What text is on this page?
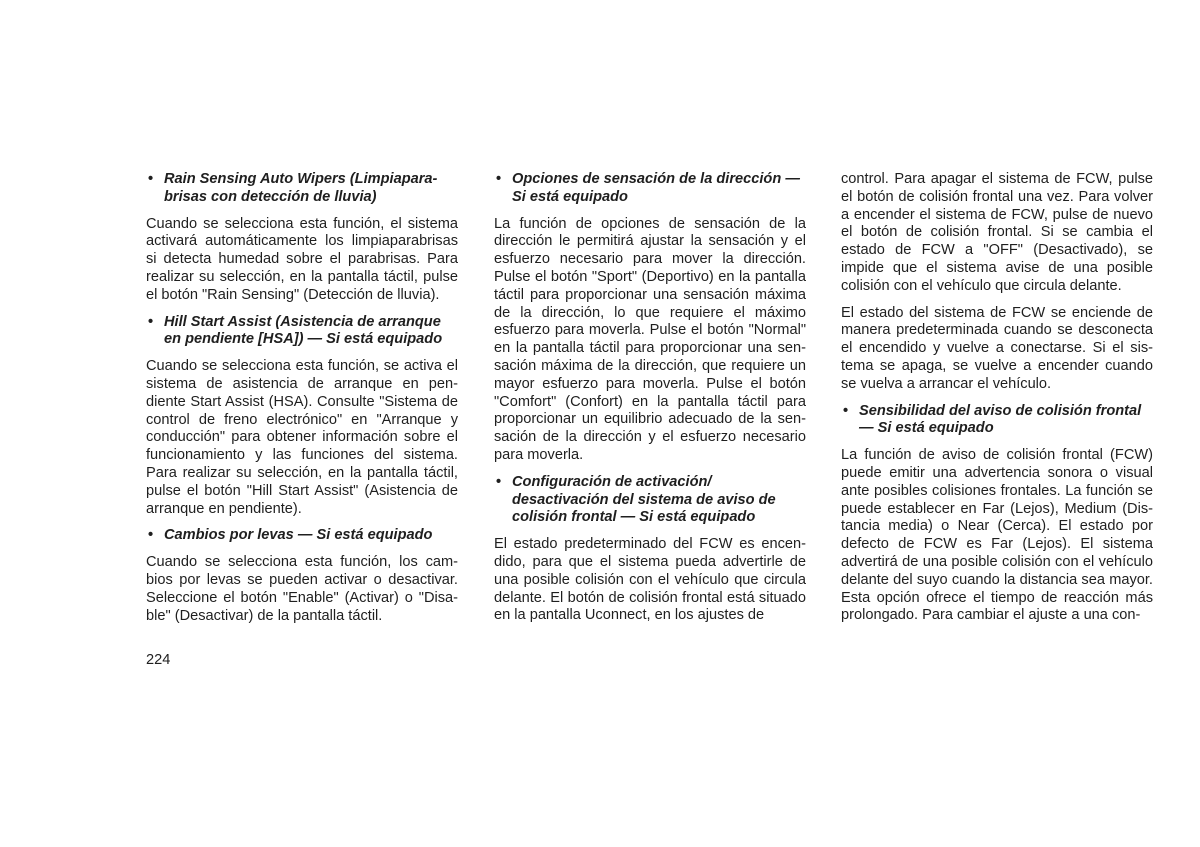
• Rain Sensing Auto Wipers (Limpiapara-brisas con detección de lluvia)

Cuando se selecciona esta función, el sistema activará automáticamente los limpiaparabrisas si detecta humedad sobre el parabrisas. Para realizar su selección, en la pantalla táctil, pulse el botón "Rain Sensing" (Detección de lluvia).

• Hill Start Assist (Asistencia de arranque en pendiente [HSA]) — Si está equipado

Cuando se selecciona esta función, se activa el sistema de asistencia de arranque en pen-diente Start Assist (HSA). Consulte "Sistema de control de freno electrónico" en "Arranque y conducción" para obtener información sobre el funcionamiento y las funciones del sistema. Para realizar su selección, en la pantalla táctil, pulse el botón "Hill Start Assist" (Asistencia de arranque en pendiente).

• Cambios por levas — Si está equipado

Cuando se selecciona esta función, los cam-bios por levas se pueden activar o desactivar. Seleccione el botón "Enable" (Activar) o "Disa-ble" (Desactivar) de la pantalla táctil.

• Opciones de sensación de la dirección — Si está equipado

La función de opciones de sensación de la dirección le permitirá ajustar la sensación y el esfuerzo necesario para mover la dirección. Pulse el botón "Sport" (Deportivo) en la pantalla táctil para proporcionar una sensación máxima de la dirección, lo que requiere el máximo esfuerzo para moverla. Pulse el botón "Normal" en la pantalla táctil para proporcionar una sen-sación máxima de la dirección, que requiere un mayor esfuerzo para moverla. Pulse el botón "Comfort" (Confort) en la pantalla táctil para proporcionar un equilibrio adecuado de la sen-sación de la dirección y el esfuerzo necesario para moverla.

• Configuración de activación/ desactivación del sistema de aviso de colisión frontal — Si está equipado

El estado predeterminado del FCW es encen-dido, para que el sistema pueda advertirle de una posible colisión con el vehículo que circula delante. El botón de colisión frontal está situado en la pantalla Uconnect, en los ajustes de

control. Para apagar el sistema de FCW, pulse el botón de colisión frontal una vez. Para volver a encender el sistema de FCW, pulse de nuevo el botón de colisión frontal. Si se cambia el estado de FCW a "OFF" (Desactivado), se impide que el sistema avise de una posible colisión con el vehículo que circula delante.

El estado del sistema de FCW se enciende de manera predeterminada cuando se desconecta el encendido y vuelve a conectarse. Si el sis-tema se apaga, se vuelve a encender cuando se vuelva a arrancar el vehículo.

• Sensibilidad del aviso de colisión frontal — Si está equipado

La función de aviso de colisión frontal (FCW) puede emitir una advertencia sonora o visual ante posibles colisiones frontales. La función se puede establecer en Far (Lejos), Medium (Dis-tancia media) o Near (Cerca). El estado por defecto de FCW es Far (Lejos). El sistema advertirá de una posible colisión con el vehículo delante del suyo cuando la distancia sea mayor. Esta opción ofrece el tiempo de reacción más prolongado. Para cambiar el ajuste a una con-

224
